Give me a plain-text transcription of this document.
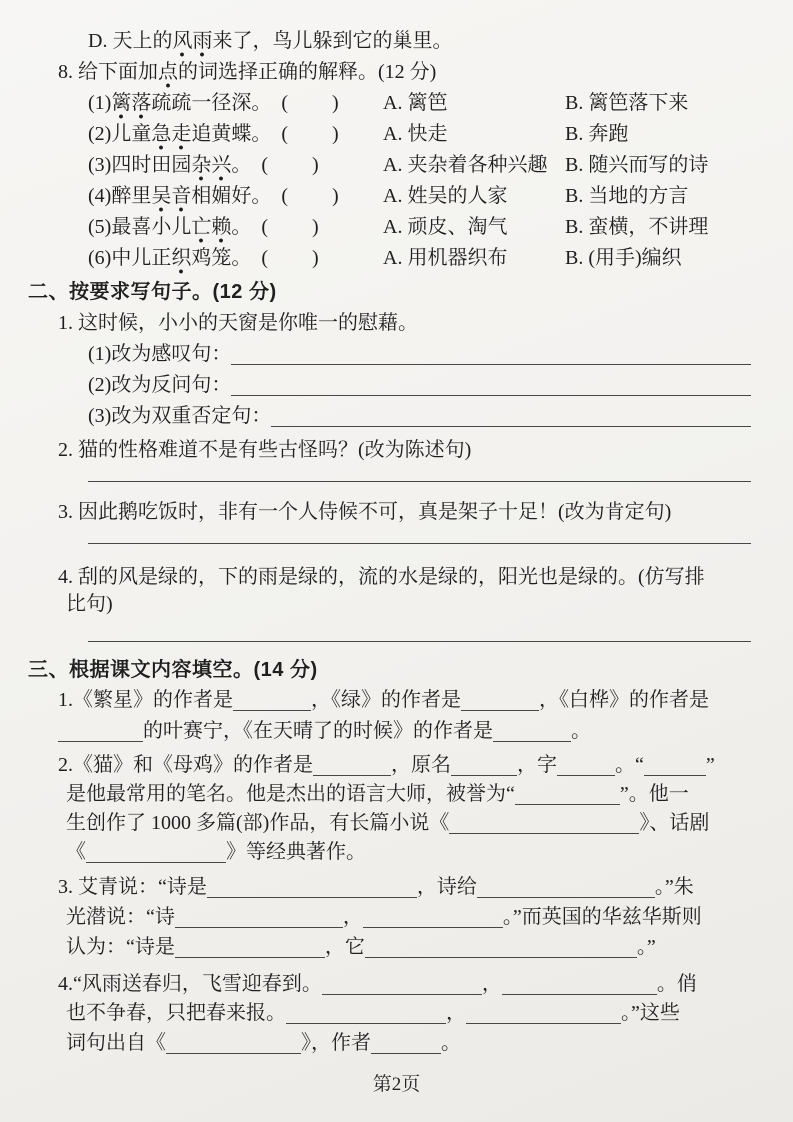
D. 天上的 风雨 来了，鸟儿躲到它的巢里。
8. 给下面加 点 的词选择正确的解释。(12 分)
(1) 篱落 疏疏一径深。 ( ) A. 篱笆	B. 篱笆落下来
(2)儿童 急走 追黄蝶。 ( ) A. 快走	B. 奔跑
(3)四时田园 杂兴 。 ( )	A. 夹杂着各种兴趣 B. 随兴而写的诗
(4)醉里 吴音 相媚好。 ( ) A. 姓吴的人家	B. 当地的方言
(5)最喜小儿 亡赖 。 ( )	A. 顽皮、淘气	B. 蛮横，不讲理
(6)中儿正 织 鸡笼。 ( )	A. 用机器织布	B. (用手)编织
二、按要求写句子。(12 分)
1. 这时候，小小的天窗是你唯一的慰藉。
(1)改为感叹句：
(2)改为反问句：
(3)改为双重否定句：
2. 猫的性格难道不是有些古怪吗？(改为陈述句)
3. 因此鹅吃饭时，非有一个人侍候不可，真是架子十足！(改为肯定句)
4. 刮的风是绿的，下的雨是绿的，流的水是绿的，阳光也是绿的。(仿写排
比句)
三、根据课文内容填空。(14 分)
1.《繁星》的作者是	，《绿》的作者是	，《白桦》的作者是
的叶赛宁，《在天晴了的时候》的作者是	。
2.《猫》和《母鸡》的作者是	，原名	，字	。“	”
是他最常用的笔名。他是杰出的语言大师，被誉为“	”。他一
生创作了 1000 多篇(部)作品，有长篇小说《	》、话剧
《	》等经典著作。
3. 艾青说：“诗是	，诗给	。”朱
光潜说：“诗	，	。”而英国的华兹华斯则
认为：“诗是	，它	。”
4.“风雨送春归，飞雪迎春到。	，	。俏
也不争春，只把春来报。	，	。”这些
词句出自《	》，作者	。
第2页
